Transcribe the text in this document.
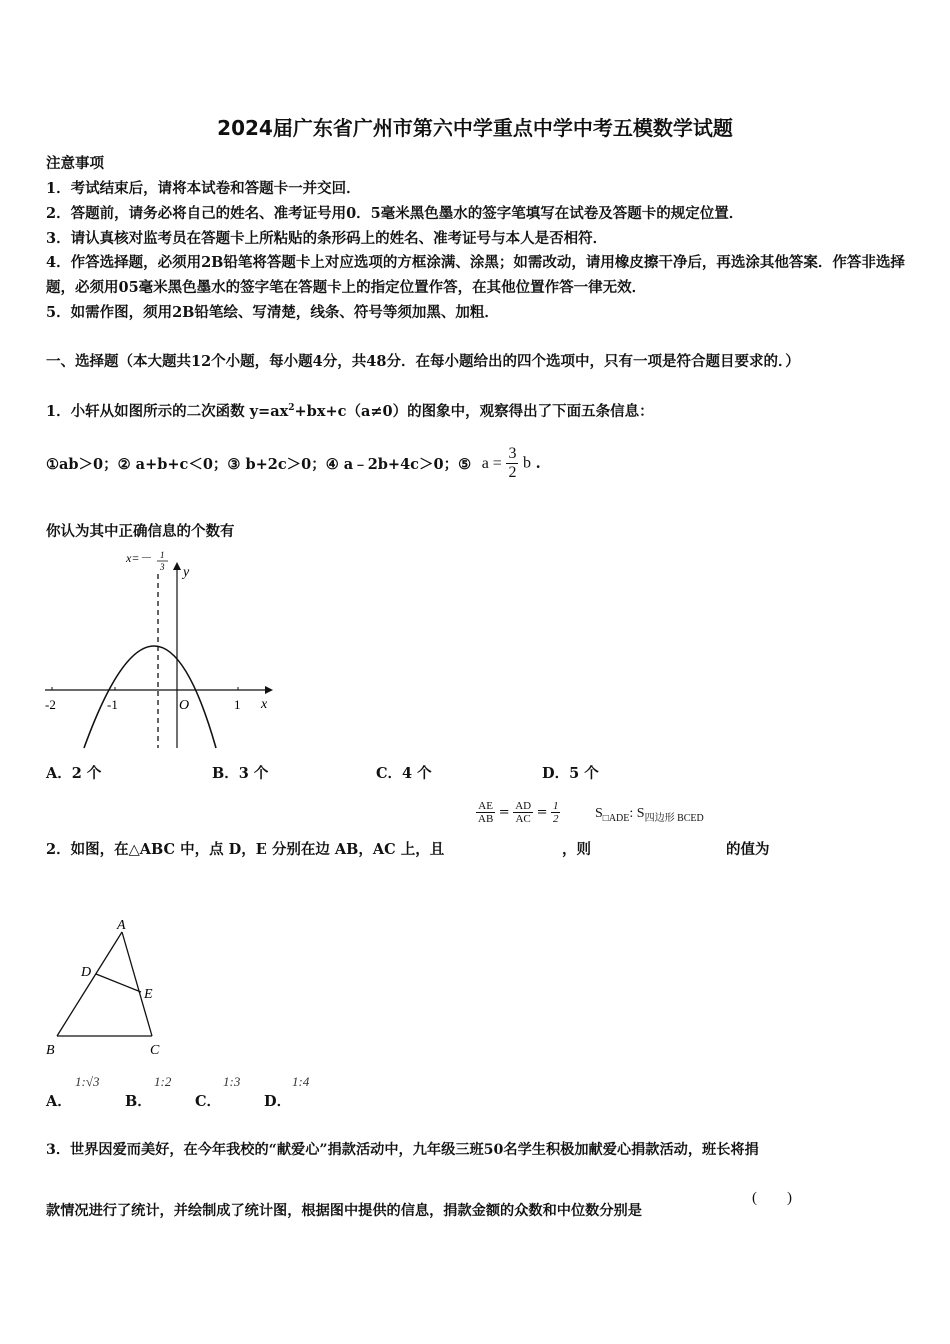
2024届广东省广州市第六中学重点中学中考五模数学试题
注意事项
1．考试结束后，请将本试卷和答题卡一并交回．
2．答题前，请务必将自己的姓名、准考证号用0．5毫米黑色墨水的签字笔填写在试卷及答题卡的规定位置．
3．请认真核对监考员在答题卡上所粘贴的条形码上的姓名、准考证号与本人是否相符．
4．作答选择题，必须用2B铅笔将答题卡上对应选项的方框涂满、涂黑；如需改动，请用橡皮擦干净后，再选涂其他答案．作答非选择题，必须用05毫米黑色墨水的签字笔在答题卡上的指定位置作答，在其他位置作答一律无效．
5．如需作图，须用2B铅笔绘、写清楚，线条、符号等须加黑、加粗．
一、选择题（本大题共12个小题，每小题4分，共48分．在每小题给出的四个选项中，只有一项是符合题目要求的．）
1．小轩从如图所示的二次函数 $y=ax^2+bx+c(a\ne 0)$的图象中，观察得出了下面五条信息：
①ab＞0；② a+b+c＜0；③ b+2c＞0；④ a﹣2b+4c＞0；⑤ $a = \frac{3}{2}$ b .
你认为其中正确信息的个数有
x=－ 1
3 y
x
O
-2	-1	1
A．2 个	B．3 个	C．4 个	D．5 个
$\frac{AE}{AB} = \frac{AD}{AC} = \frac{1}{2} S_{□ADE}$: $S_{四边形 BCED}$
2．如图，在△ABC 中，点 D，E 分别在边 AB，AC 上，且	，则	的值为
A
D
E
B	C
A．
1:√3
B．
1:2
C．
1:3
D．
1:4
3．世界因爱而美好，在今年我校的“献爱心”捐款活动中，九年级三班50名学生积极加献爱心捐款活动，班长将捐
款情况进行了统计，并绘制成了统计图，根据图中提供的信息，捐款金额的众数和中位数分别是
(　　)
